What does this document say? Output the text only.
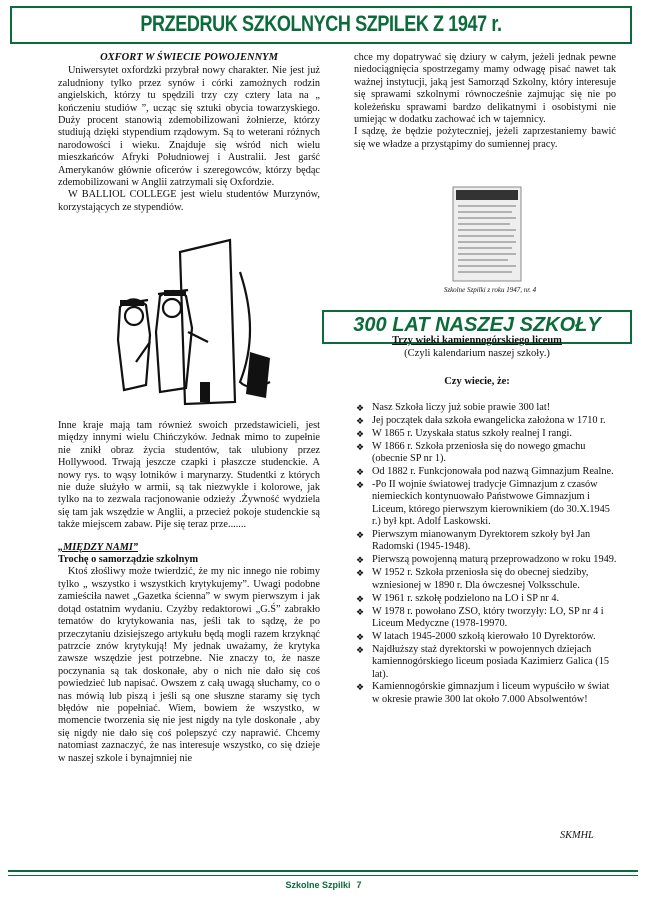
PRZEDRUK SZKOLNYCH SZPILEK Z 1947 r.
OXFORT W ŚWIECIE POWOJENNYM

Uniwersytet oxfordzki przybrał nowy charakter. Nie jest już zaludniony tylko przez synów i córki zamożnych rodzin angielskich, którzy tu spędzili trzy czy cztery lata na „ kończeniu studiów ”, ucząc się sztuki obycia towarzyskiego. Duży procent stanowią zdemobilizowani żołnierze, którzy studiują dzięki stypendium rządowym. Są to weterani różnych narodowości i wieku. Znajduje się wśród nich wielu mieszkańców Afryki Południowej i Australii. Jest garść Amerykanów głównie oficerów i szeregowców, którzy będąc zdemobilizowani w Anglii zatrzymali się Oxfordzie.

W BALLIOL COLLEGE jest wielu studentów Murzynów, korzystających ze stypendiów.

Inne kraje mają tam również swoich przedstawicieli, jest między innymi wielu Chińczyków. Jednak mimo to zupełnie nie znikł obraz życia studentów, tak ulubiony przez Hollywood. Trwają jeszcze czapki i płaszcze studenckie. A nowy rys. to wąsy lotników i marynarzy. Studentki z których nie duże służyło w armii, są tak niezwykle i kolorowe, jak tylko na to zezwala racjonowanie odzieży .Żywność wydziela się tam jak wszędzie w Anglii, a przecież pokoje studenckie są także miejscem zabaw. Pije się teraz prze.......

„MIĘDZY NAMI”

Trochę o samorządzie szkolnym

Ktoś złośliwy może twierdzić, że my nic innego nie robimy tylko „ wszystko i wszystkich krytykujemy”. Uwagi podobne zamieściła nawet „Gazetka ścienna” w swym pierwszym i jak dotąd ostatnim wydaniu. Czyżby redaktorowi „G.Ś” zabrakło tematów do krytykowania nas, jeśli tak to sądzę, że po przeczytaniu dzisiejszego artykułu będą mogli razem krzyknąć patrzcie znów krytykują! My jednak uważamy, że krytyka zawsze wszędzie jest potrzebne. Nie znaczy to, że nasze poczynania są tak doskonałe, aby o nich nie dało się coś powiedzieć lub napisać. Owszem z całą uwagą słuchamy, co o nas mówią lub piszą i jeśli są one słuszne staramy się tych błędów nie popełniać. Wiem, bowiem że wszystko, w momencie tworzenia się nie jest nigdy na tyle doskonałe , aby się nigdy nie dało się coś polepszyć czy naprawić. Chcemy natomiast zaznaczyć, że nas interesuje wszystko, co się dzieje w naszej szkole i bynajmniej nie

chce my dopatrywać się dziury w całym, jeżeli jednak pewne niedociągnięcia spostrzegamy mamy odwagę pisać nawet tak ważnej instytucji, jaką jest Samorząd Szkolny, który interesuje się sprawami szkolnymi równocześnie zajmując się nie po koleżeńsku sprawami bardzo delikatnymi i osobistymi nie umiejąc w dodatku zachować ich w tajemnicy.

I sądzę, że będzie pożyteczniej, jeżeli zaprzestaniemy bawić się we władze a przystąpimy do sumiennej pracy.

Szkolne Szpilki z roku 1947, nr. 4
300 LAT NASZEJ SZKOŁY
Trzy wieki kamiennogórskiego liceum
(Czyli kalendarium naszej szkoły.)
Czy wiecie, że:
❖ Nasz Szkoła liczy już sobie prawie 300 lat!
❖ Jej początek dała szkoła ewangelicka założona w 1710 r.
❖ W 1865 r. Uzyskała status szkoły realnej I rangi.
❖ W 1866 r. Szkoła przeniosła się do nowego gmachu (obecnie SP nr 1).
❖ Od 1882 r. Funkcjonowała pod nazwą Gimnazjum Realne.
❖ -Po II wojnie światowej tradycje Gimnazjum z czasów niemieckich kontynuowało Państwowe Gimnazjum i Liceum, którego pierwszym kierownikiem (do 30.X.1945 r.) był kpt. Adolf Laskowski.
❖ Pierwszym mianowanym Dyrektorem szkoły był Jan Radomski (1945-1948).
❖ Pierwszą powojenną maturą przeprowadzono w roku 1949.
❖ W 1952 r. Szkoła przeniosła się do obecnej siedziby, wzniesionej w 1890 r. Dla ówczesnej Volksschule.
❖ W 1961 r. szkołę podzielono na LO i SP nr 4.
❖ W 1978 r. powołano ZSO, który tworzyły: LO, SP nr 4 i Liceum Medyczne (1978-19970.
❖ W latach 1945-2000 szkołą kierowało 10 Dyrektorów.
❖ Najdłuższy staż dyrektorski w powojennych dziejach kamiennogórskiego liceum posiada Kazimierz Galica (15 lat).
❖ Kamiennogórskie gimnazjum i liceum wypuściło w świat w okresie prawie 300 lat około 7.000 Absolwentów!
SKMHL
Szkolne Szpilki 7
